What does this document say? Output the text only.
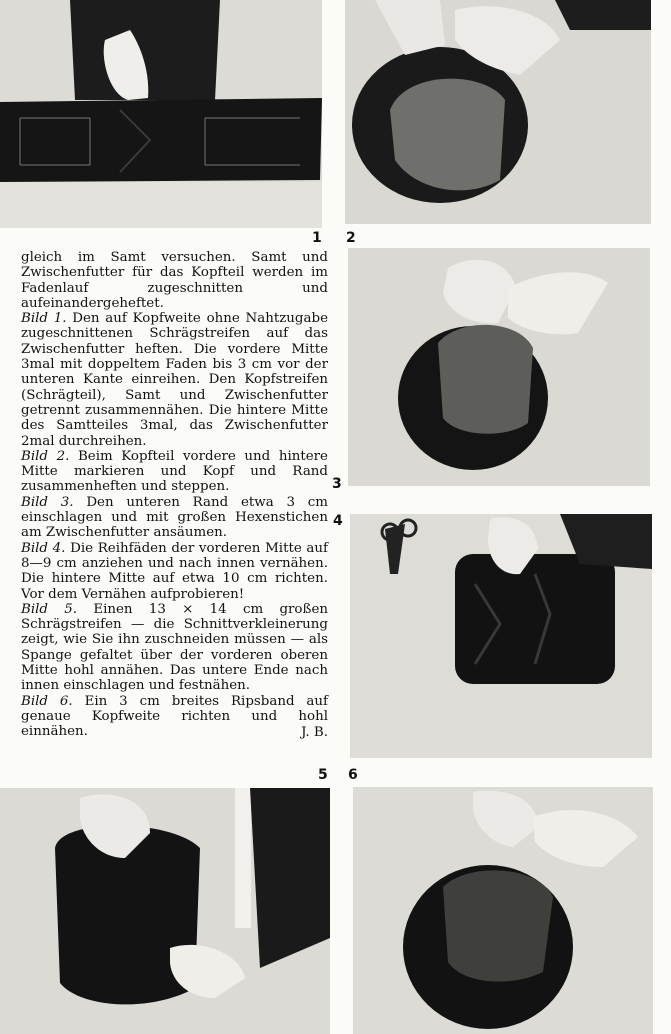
1 2
3
4

gleich im Samt versuchen. Samt und Zwischenfutter für das Kopfteil werden im Fadenlauf zugeschnitten und aufeinandergeheftet.

Bild 1. Den auf Kopfweite ohne Nahtzugabe zugeschnittenen Schrägstreifen auf das Zwischenfutter heften. Die vordere Mitte 3mal mit doppeltem Faden bis 3 cm vor der unteren Kante einreihen. Den Kopfstreifen (Schrägteil), Samt und Zwischenfutter getrennt zusammennähen. Die hintere Mitte des Samtteiles 3mal, das Zwischenfutter 2mal durchreihen.

Bild 2. Beim Kopfteil vordere und hintere Mitte markieren und Kopf und Rand zusammenheften und steppen.

Bild 3. Den unteren Rand etwa 3 cm einschlagen und mit großen Hexenstichen am Zwischenfutter ansäumen.

Bild 4. Die Reihfäden der vorderen Mitte auf 8—9 cm anziehen und nach innen vernähen. Die hintere Mitte auf etwa 10 cm richten. Vor dem Vernähen aufprobieren!

Bild 5. Einen 13 × 14 cm großen Schrägstreifen — die Schnittverkleinerung zeigt, wie Sie ihn zuschneiden müssen — als Spange gefaltet über der vorderen oberen Mitte hohl annähen. Das untere Ende nach innen einschlagen und festnähen.

Bild 6. Ein 3 cm breites Ripsband auf genaue Kopfweite richten und hohl einnähen.	J. B.

5 6
